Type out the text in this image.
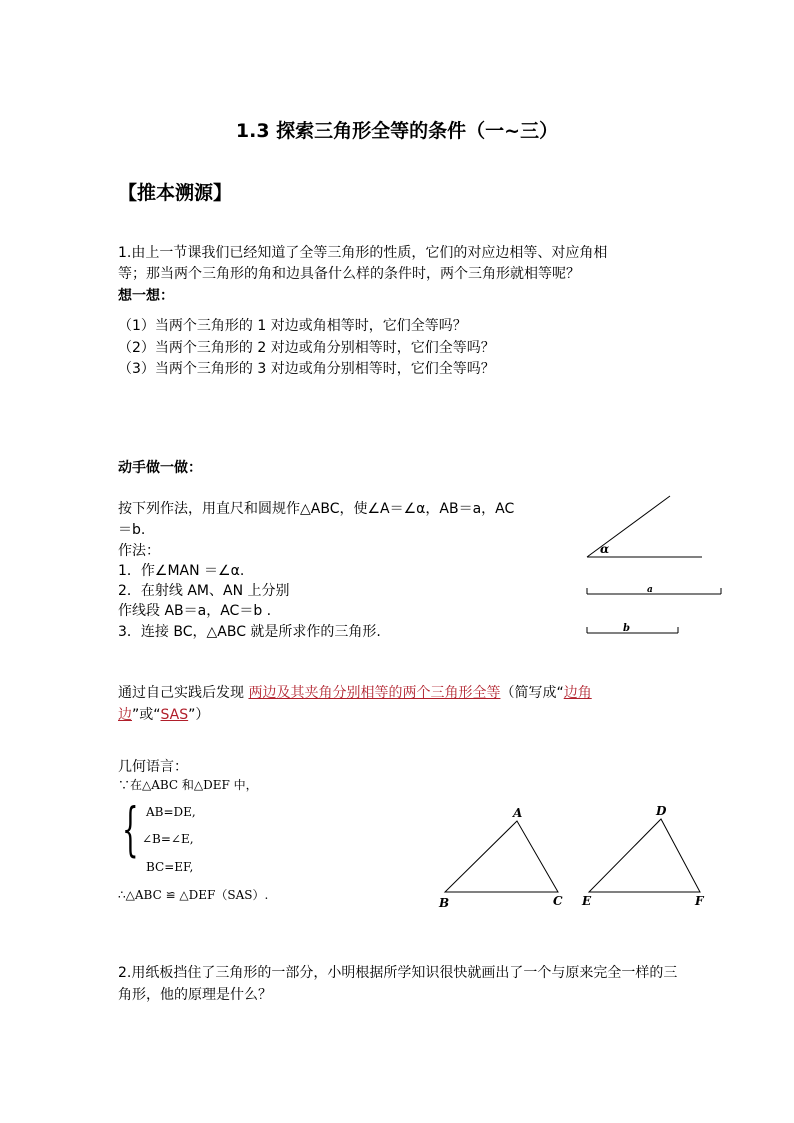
1.3 探索三角形全等的条件（一~三）
【推本溯源】
1.由上一节课我们已经知道了全等三角形的性质，它们的对应边相等、对应角相
等；那当两个三角形的角和边具备什么样的条件时，两个三角形就相等呢？
想一想：
（1）当两个三角形的 1 对边或角相等时，它们全等吗？
（2）当两个三角形的 2 对边或角分别相等时，它们全等吗？
（3）当两个三角形的 3 对边或角分别相等时，它们全等吗？
动手做一做：
按下列作法，用直尺和圆规作△ABC，使∠A＝∠α，AB＝a，AC
＝b.
作法：
1．作∠MAN ＝∠α.
2．在射线 AM、AN 上分别
作线段 AB＝a，AC＝b .
3．连接 BC，△ABC 就是所求作的三角形.
α
a
b
通过自己实践后发现 两边及其夹角分别相等的两个三角形全等（简写成“边角
边”或“SAS”）
几何语言：
∵在△ABC 和△DEF 中，
{ AB=DE,
∠B=∠E,
BC=EF,
∴△ABC ≌ △DEF（SAS）.
A
B	C
D
E	F
2.用纸板挡住了三角形的一部分，小明根据所学知识很快就画出了一个与原来完全一样的三
角形，他的原理是什么？
